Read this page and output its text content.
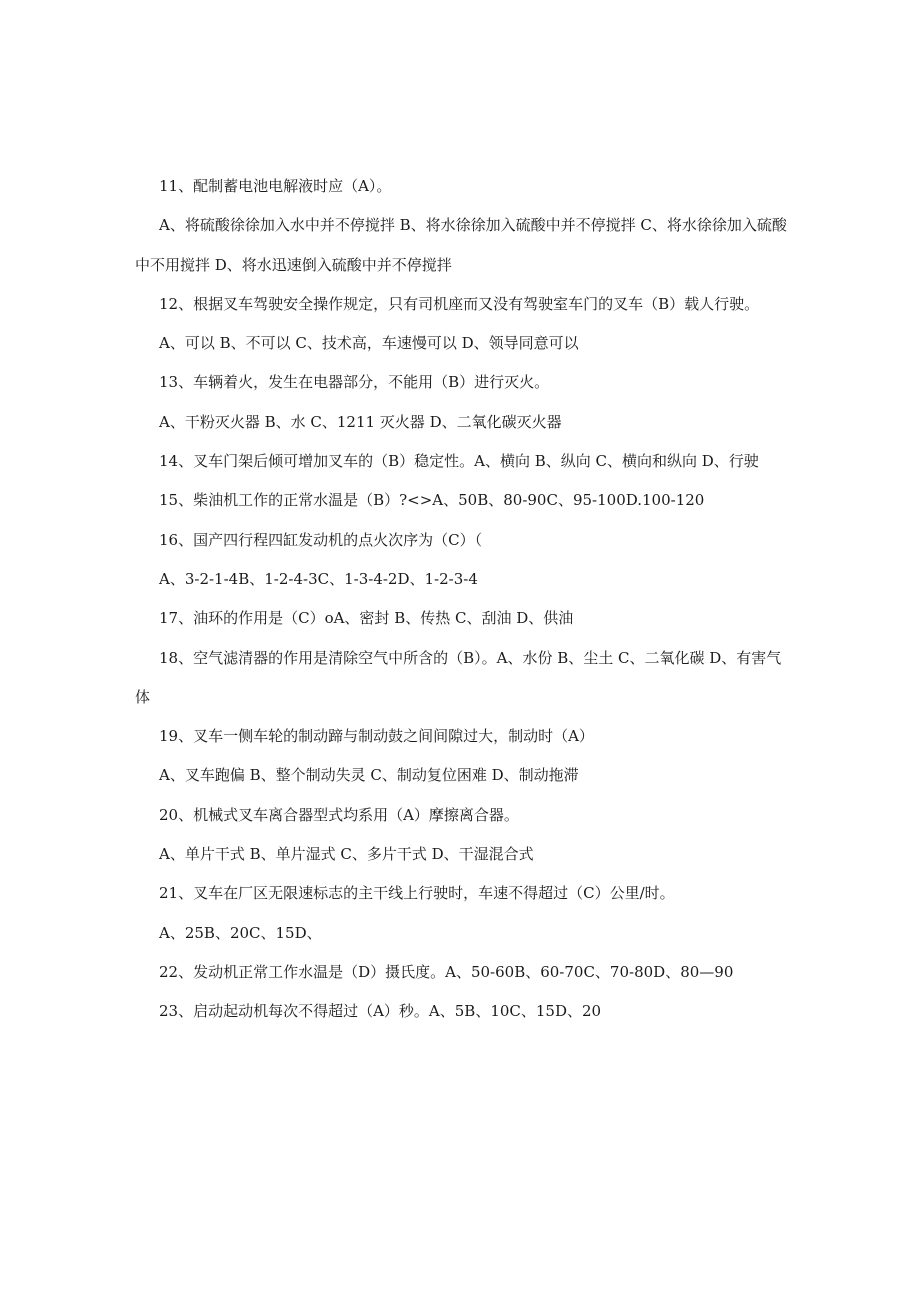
11、配制蓄电池电解液时应（A）。

A、将硫酸徐徐加入水中并不停搅拌 B、将水徐徐加入硫酸中并不停搅拌 C、将水徐徐加入硫酸中不用搅拌 D、将水迅速倒入硫酸中并不停搅拌

12、根据叉车驾驶安全操作规定，只有司机座而又没有驾驶室车门的叉车（B）载人行驶。

A、可以 B、不可以 C、技术高，车速慢可以 D、领导同意可以

13、车辆着火，发生在电器部分，不能用（B）进行灭火。

A、干粉灭火器 B、水 C、1211 灭火器 D、二氧化碳灭火器

14、叉车门架后倾可增加叉车的（B）稳定性。A、横向 B、纵向 C、横向和纵向 D、行驶

15、柴油机工作的正常水温是（B）?<>A、50B、80-90C、95-100D.100-120

16、国产四行程四缸发动机的点火次序为（C）（

A、3-2-1-4B、1-2-4-3C、1-3-4-2D、1-2-3-4

17、油环的作用是（C）oA、密封 B、传热 C、刮油 D、供油

18、空气滤清器的作用是清除空气中所含的（B）。A、水份 B、尘土 C、二氧化碳 D、有害气体

19、叉车一侧车轮的制动蹄与制动鼓之间间隙过大，制动时（A）

A、叉车跑偏 B、整个制动失灵 C、制动复位困难 D、制动拖滞

20、机械式叉车离合器型式均系用（A）摩擦离合器。

A、单片干式 B、单片湿式 C、多片干式 D、干湿混合式

21、叉车在厂区无限速标志的主干线上行驶时，车速不得超过（C）公里/时。

A、25B、20C、15D、

22、发动机正常工作水温是（D）摄氏度。A、50-60B、60-70C、70-80D、80—90

23、启动起动机每次不得超过（A）秒。A、5B、10C、15D、20
